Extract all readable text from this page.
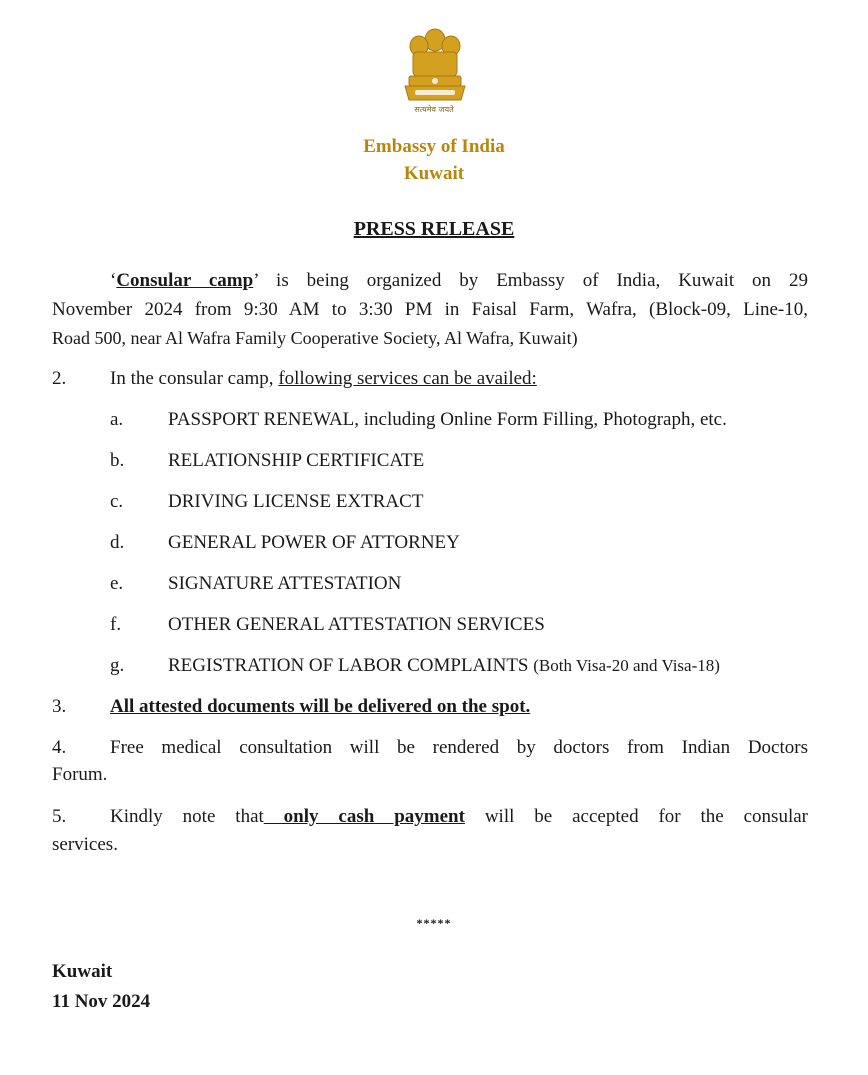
सत्यमेव जयते
Embassy of India
Kuwait
PRESS RELEASE
‘Consular camp’ is being organized by Embassy of India, Kuwait on 29
November 2024 from 9:30 AM to 3:30 PM in Faisal Farm, Wafra, (Block-09, Line-10,
Road 500, near Al Wafra Family Cooperative Society, Al Wafra, Kuwait)
2. In the consular camp, following services can be availed:
a. PASSPORT RENEWAL, including Online Form Filling, Photograph, etc.
b. RELATIONSHIP CERTIFICATE
c. DRIVING LICENSE EXTRACT
d. GENERAL POWER OF ATTORNEY
e. SIGNATURE ATTESTATION
f. OTHER GENERAL ATTESTATION SERVICES
g. REGISTRATION OF LABOR COMPLAINTS (Both Visa-20 and Visa-18)
3. All attested documents will be delivered on the spot.
4. Free medical consultation will be rendered by doctors from Indian Doctors
Forum.
5. Kindly note that only cash payment will be accepted for the consular
services.
*****
Kuwait
11 Nov 2024
